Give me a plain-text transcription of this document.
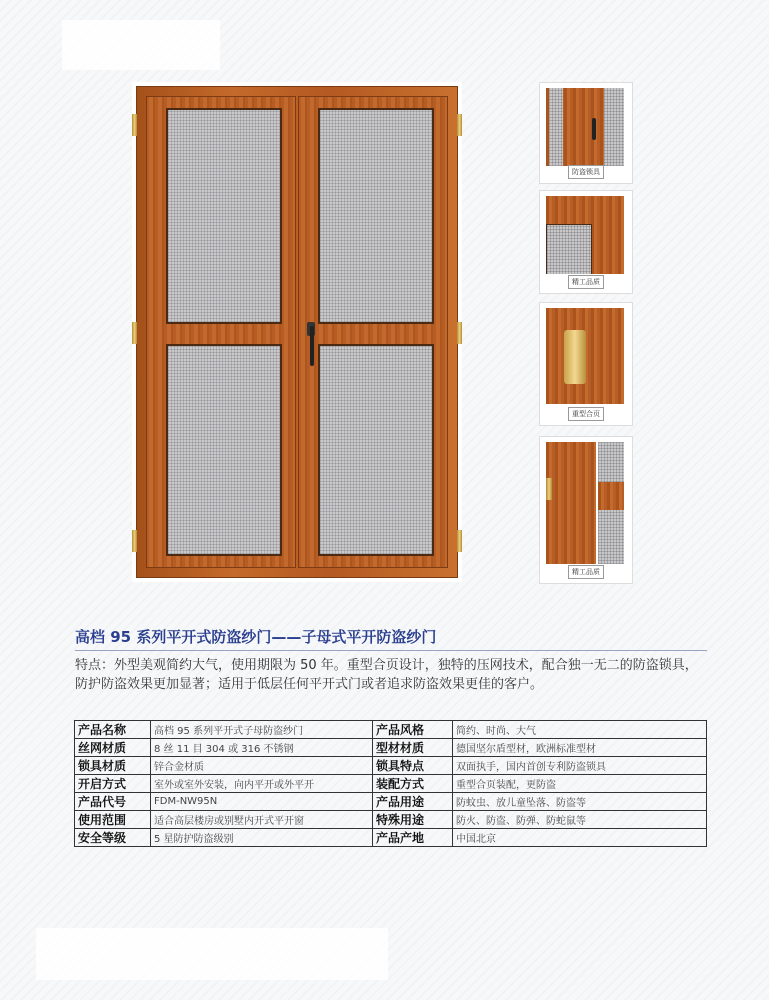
防盗锁具
精工品质
重型合页
精工品质
高档 95 系列平开式防盗纱门——子母式平开防盗纱门
特点：外型美观简约大气，使用期限为 50 年。重型合页设计，独特的压网技术，配合独一无二的防盗锁具，防护防盗效果更加显著；适用于低层任何平开式门或者追求防盗效果更佳的客户。
产品名称	高档 95 系列平开式子母防盗纱门	产品风格	简约、时尚、大气
丝网材质	8 丝 11 目 304 或 316 不锈钢	型材材质	德国坚尔盾型材，欧洲标准型材
锁具材质	锌合金材质	锁具特点	双面执手，国内首创专利防盗锁具
开启方式	室外或室外安装，向内平开或外平开	装配方式	重型合页装配，更防盗
产品代号	FDM-NW95N	产品用途	防蚊虫、放儿童坠落、防盗等
使用范围	适合高层楼房或别墅内开式平开窗	特殊用途	防火、防盗、防弹、防蛇鼠等
安全等级	5 星防护防盗级别	产品产地	中国北京
